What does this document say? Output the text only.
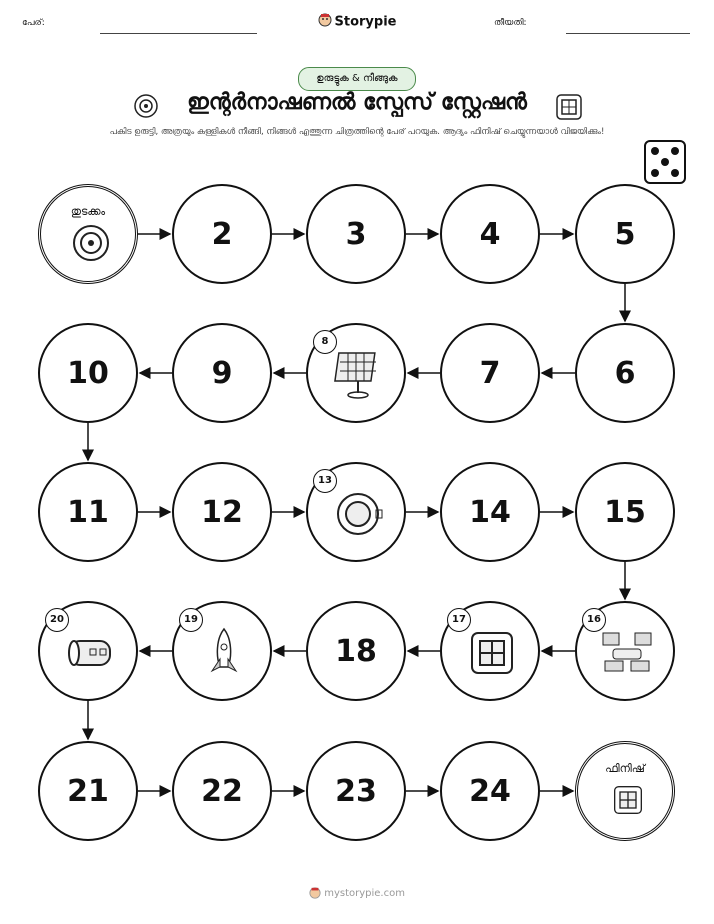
പേര്:	Storypie	തീയതി:
ഉരുട്ടുക & നീങ്ങുക
ഇന്റർനാഷണൽ സ്പേസ് സ്റ്റേഷൻ
പകിട ഉരുട്ടി, അത്രയും കള്ളികൾ നീങ്ങി, നിങ്ങൾ എത്തുന്ന ചിത്രത്തിന്റെ പേര് പറയുക. ആദ്യം ഫിനിഷ് ചെയ്യുന്നയാൾ വിജയിക്കും!
തുടക്കം
2	3	4	5
6
7
8
9
10
11	12
13
14	15
16
17
18
19
20
21	22	23	24
ഫിനിഷ്
mystorypie.com
